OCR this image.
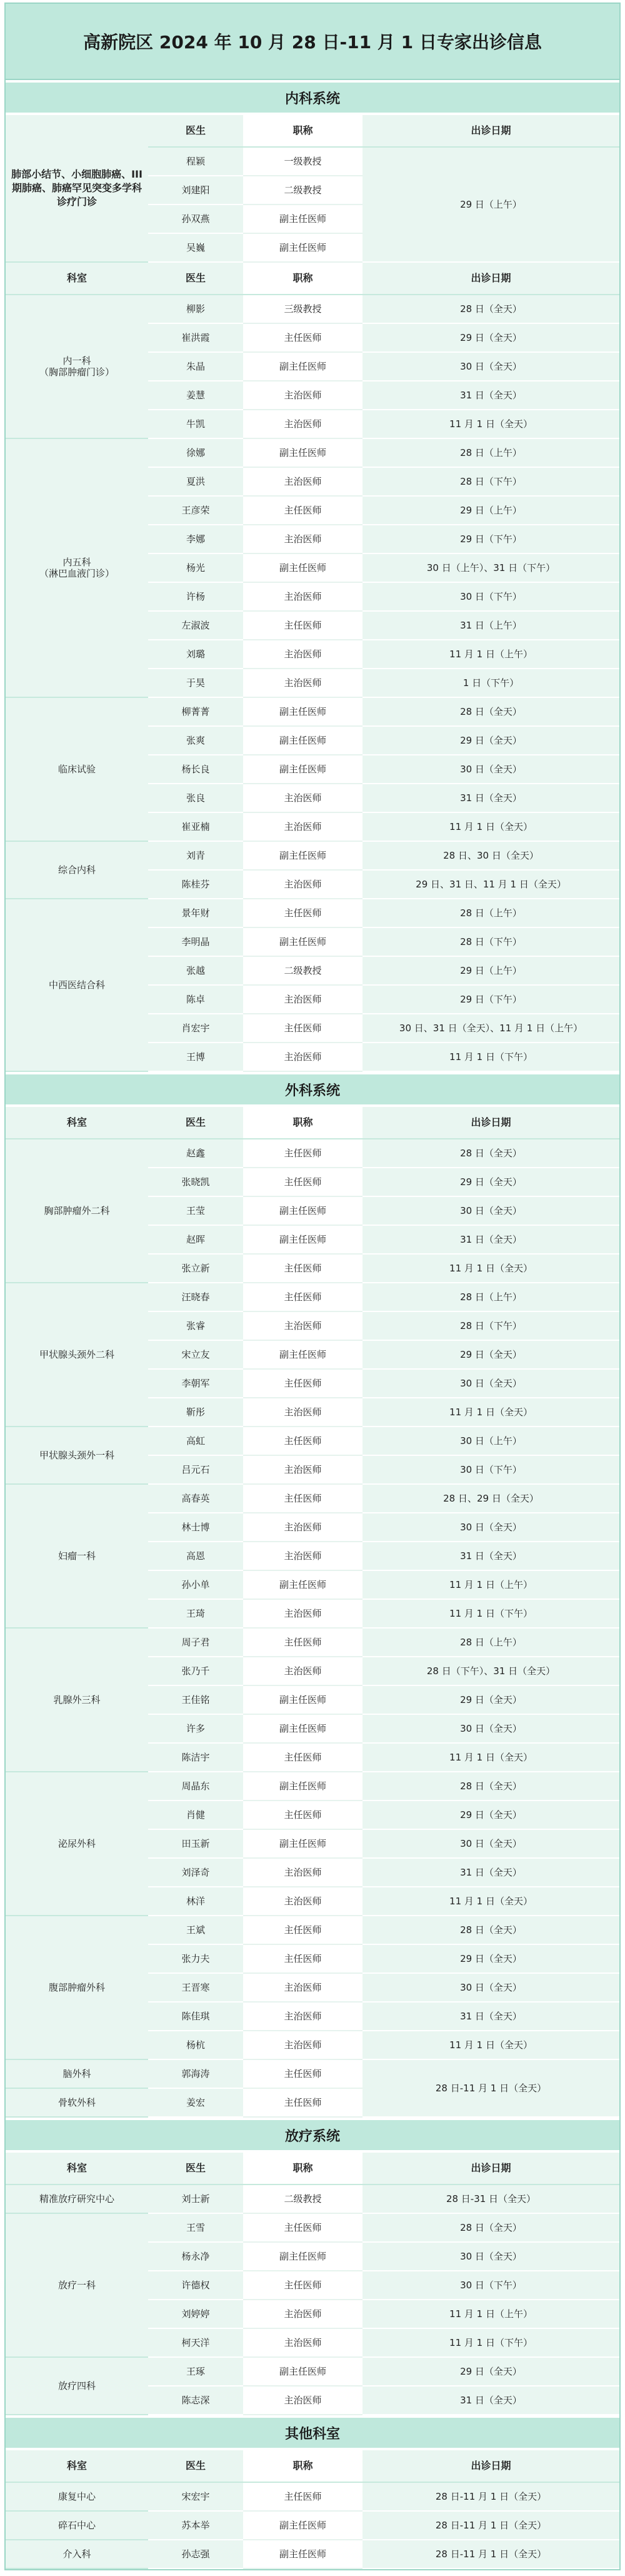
高新院区 2024 年 10 月 28 日-11 月 1 日专家出诊信息
内科系统
肺部小结节、小细胞肺癌、III期肺癌、肺癌罕见突变多学科诊疗门诊	医生	职称	出诊日期
	程颖	一级教授	29 日（上午）
	刘建阳	二级教授	
	孙双燕	副主任医师	
	吴巍	副主任医师	
科室	医生	职称	出诊日期
内一科
（胸部肿瘤门诊）	柳影	三级教授	28 日（全天）
	崔洪霞	主任医师	29 日（全天）
	朱晶	副主任医师	30 日（全天）
	姜慧	主治医师	31 日（全天）
	牛凯	主治医师	11 月 1 日（全天）
内五科
（淋巴血液门诊）	徐娜	副主任医师	28 日（上午）
	夏洪	主治医师	28 日（下午）
	王彦荣	主任医师	29 日（上午）
	李娜	主治医师	29 日（下午）
	杨光	副主任医师	30 日（上午）、31 日（下午）
	许杨	主治医师	30 日（下午）
	左淑波	主任医师	31 日（上午）
	刘璐	主治医师	11 月 1 日（上午）
	于昊	主治医师	1 日（下午）
临床试验	柳菁菁	副主任医师	28 日（全天）
	张爽	副主任医师	29 日（全天）
	杨长良	副主任医师	30 日（全天）
	张良	主治医师	31 日（全天）
	崔亚楠	主治医师	11 月 1 日（全天）
综合内科	刘青	副主任医师	28 日、30 日（全天）
	陈桂芬	主治医师	29 日、31 日、11 月 1 日（全天）
中西医结合科	景年财	主任医师	28 日（上午）
	李明晶	副主任医师	28 日（下午）
	张越	二级教授	29 日（上午）
	陈卓	主治医师	29 日（下午）
	肖宏宇	主任医师	30 日、31 日（全天）、11 月 1 日（上午）
	王博	主治医师	11 月 1 日（下午）
外科系统
科室	医生	职称	出诊日期
胸部肿瘤外二科	赵鑫	主任医师	28 日（全天）
	张晓凯	主任医师	29 日（全天）
	王莹	副主任医师	30 日（全天）
	赵晖	副主任医师	31 日（全天）
	张立新	主任医师	11 月 1 日（全天）
甲状腺头颈外二科	汪晓春	主任医师	28 日（上午）
	张睿	主治医师	28 日（下午）
	宋立友	副主任医师	29 日（全天）
	李朝军	主任医师	30 日（全天）
	靳彤	主治医师	11 月 1 日（全天）
甲状腺头颈外一科	高虹	主任医师	30 日（上午）
	吕元石	主治医师	30 日（下午）
妇瘤一科	高春英	主任医师	28 日、29 日（全天）
	林士博	主治医师	30 日（全天）
	高恩	主治医师	31 日（全天）
	孙小单	副主任医师	11 月 1 日（上午）
	王琦	主治医师	11 月 1 日（下午）
乳腺外三科	周子君	主任医师	28 日（上午）
	张乃千	主治医师	28 日（下午）、31 日（全天）
	王佳铭	副主任医师	29 日（全天）
	许多	副主任医师	30 日（全天）
	陈洁宇	主任医师	11 月 1 日（全天）
泌尿外科	周晶东	副主任医师	28 日（全天）
	肖健	主任医师	29 日（全天）
	田玉新	副主任医师	30 日（全天）
	刘泽奇	主治医师	31 日（全天）
	林洋	主治医师	11 月 1 日（全天）
腹部肿瘤外科	王斌	主任医师	28 日（全天）
	张力夫	主任医师	29 日（全天）
	王晋寒	主治医师	30 日（全天）
	陈佳琪	主治医师	31 日（全天）
	杨杭	主治医师	11 月 1 日（全天）
脑外科	郭海涛	主任医师	28 日-11 月 1 日（全天）
骨软外科	姜宏	主任医师	
放疗系统
科室	医生	职称	出诊日期
精准放疗研究中心	刘士新	二级教授	28 日-31 日（全天）
放疗一科	王雪	主任医师	28 日（全天）
	杨永净	副主任医师	30 日（全天）
	许德权	主任医师	30 日（下午）
	刘婷婷	主治医师	11 月 1 日（上午）
	柯天洋	主治医师	11 月 1 日（下午）
放疗四科	王琢	副主任医师	29 日（全天）
	陈志深	主治医师	31 日（全天）
其他科室
科室	医生	职称	出诊日期
康复中心	宋宏宇	主任医师	28 日-11 月 1 日（全天）
碎石中心	苏本举	副主任医师	28 日-11 月 1 日（全天）
介入科	孙志强	副主任医师	28 日-11 月 1 日（全天）
